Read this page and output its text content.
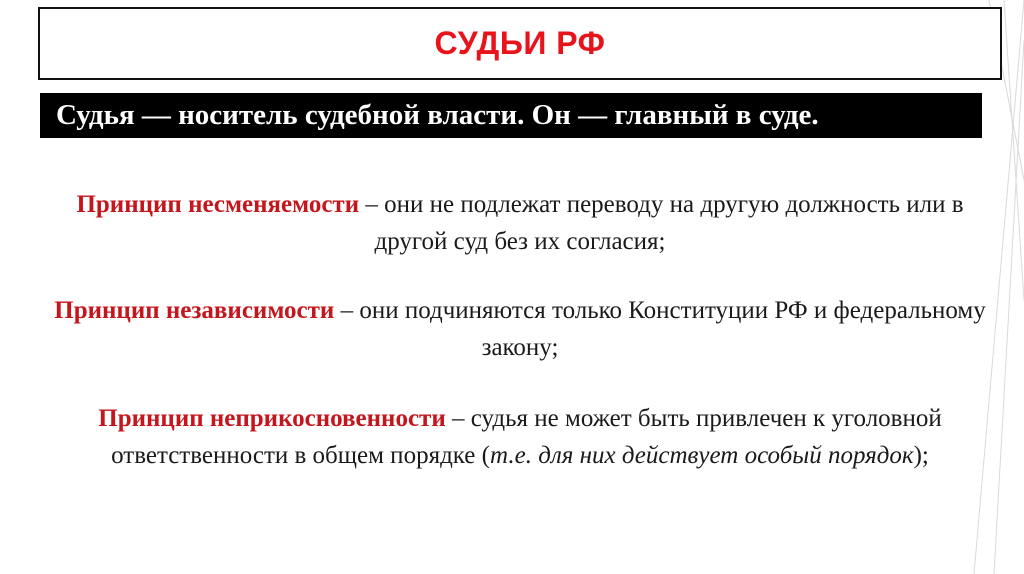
СУДЬИ РФ
Судья — носитель судебной власти. Он — главный в суде.
Принцип несменяемости – они не подлежат переводу на другую должность или в другой суд без их согласия;
Принцип независимости – они подчиняются только Конституции РФ и федеральному закону;
Принцип неприкосновенности – судья не может быть привлечен к уголовной ответственности в общем порядке (т.е. для них действует особый порядок);
